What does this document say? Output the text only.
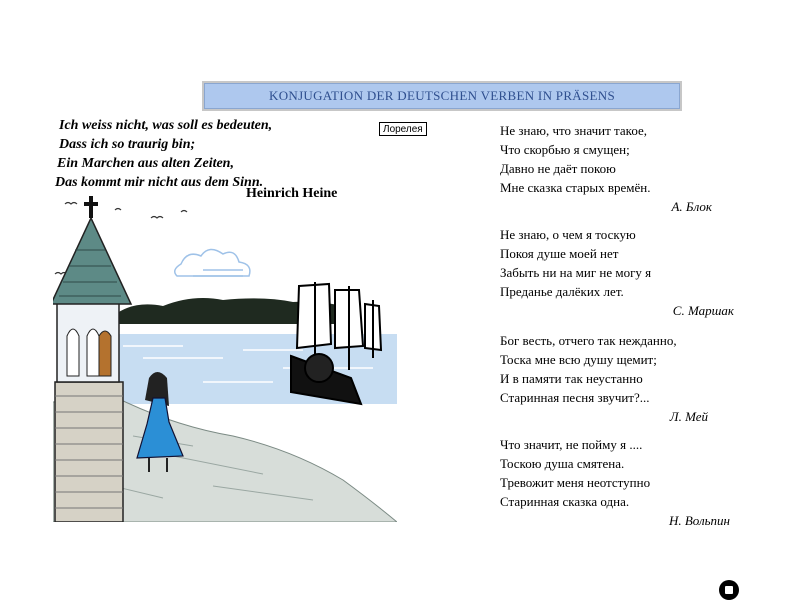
KONJUGATION DER DEUTSCHEN VERBEN IN PRÄSENS
Ich weiss nicht, was soll es bedeuten,
Dass ich so traurig bin;
Ein Marchen aus alten Zeiten,
Das kommt mir nicht aus dem Sinn.
Heinrich Heine
Лорелея	Не знаю, что значит такое,
Что скорбью я смущен;
Давно не даёт покою
Мне сказка старых времён.
А. Блок
Не знаю, о чем я тоскую
Покоя душе моей нет
Забыть ни на миг не могу я
Преданье далёких лет.
С. Маршак
Бог весть, отчего так нежданно,
Тоска мне всю душу щемит;
И в памяти так неустанно
Старинная песня звучит?...
Л. Мей
Что значит, не пойму я ....
Тоскою душа смятена.
Тревожит меня неотступно
Старинная сказка одна.
Н. Вольпин
